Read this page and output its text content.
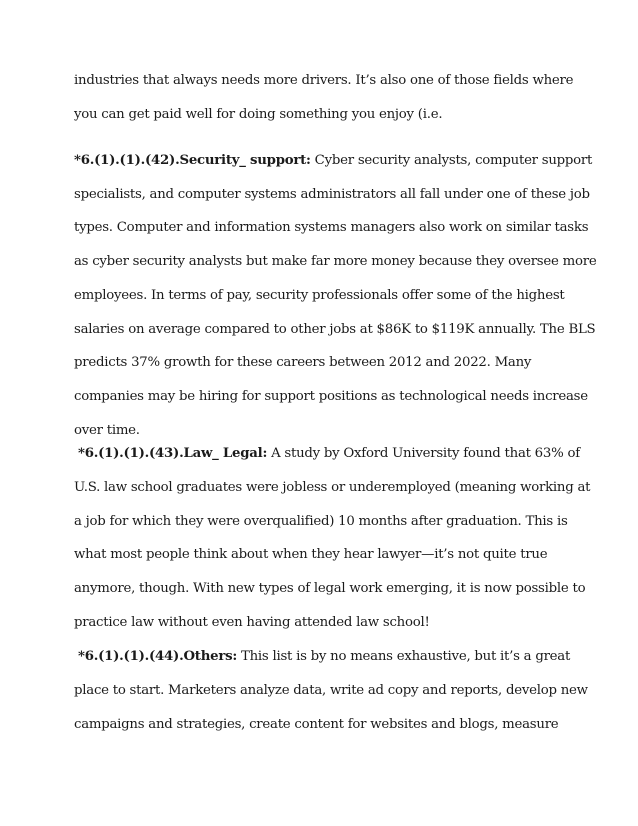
industries that always needs more drivers. It’s also one of those fields where
you can get paid well for doing something you enjoy (i.e.
*6.(1).(1).(42).Security_ support: Cyber security analysts, computer support
specialists, and computer systems administrators all fall under one of these job
types. Computer and information systems managers also work on similar tasks
as cyber security analysts but make far more money because they oversee more
employees. In terms of pay, security professionals offer some of the highest
salaries on average compared to other jobs at $86K to $119K annually. The BLS
predicts 37% growth for these careers between 2012 and 2022. Many
companies may be hiring for support positions as technological needs increase
over time.
*6.(1).(1).(43).Law_ Legal: A study by Oxford University found that 63% of
U.S. law school graduates were jobless or underemployed (meaning working at
a job for which they were overqualified) 10 months after graduation. This is
what most people think about when they hear lawyer—it’s not quite true
anymore, though. With new types of legal work emerging, it is now possible to
practice law without even having attended law school!
*6.(1).(1).(44).Others: This list is by no means exhaustive, but it’s a great
place to start. Marketers analyze data, write ad copy and reports, develop new
campaigns and strategies, create content for websites and blogs, measure
